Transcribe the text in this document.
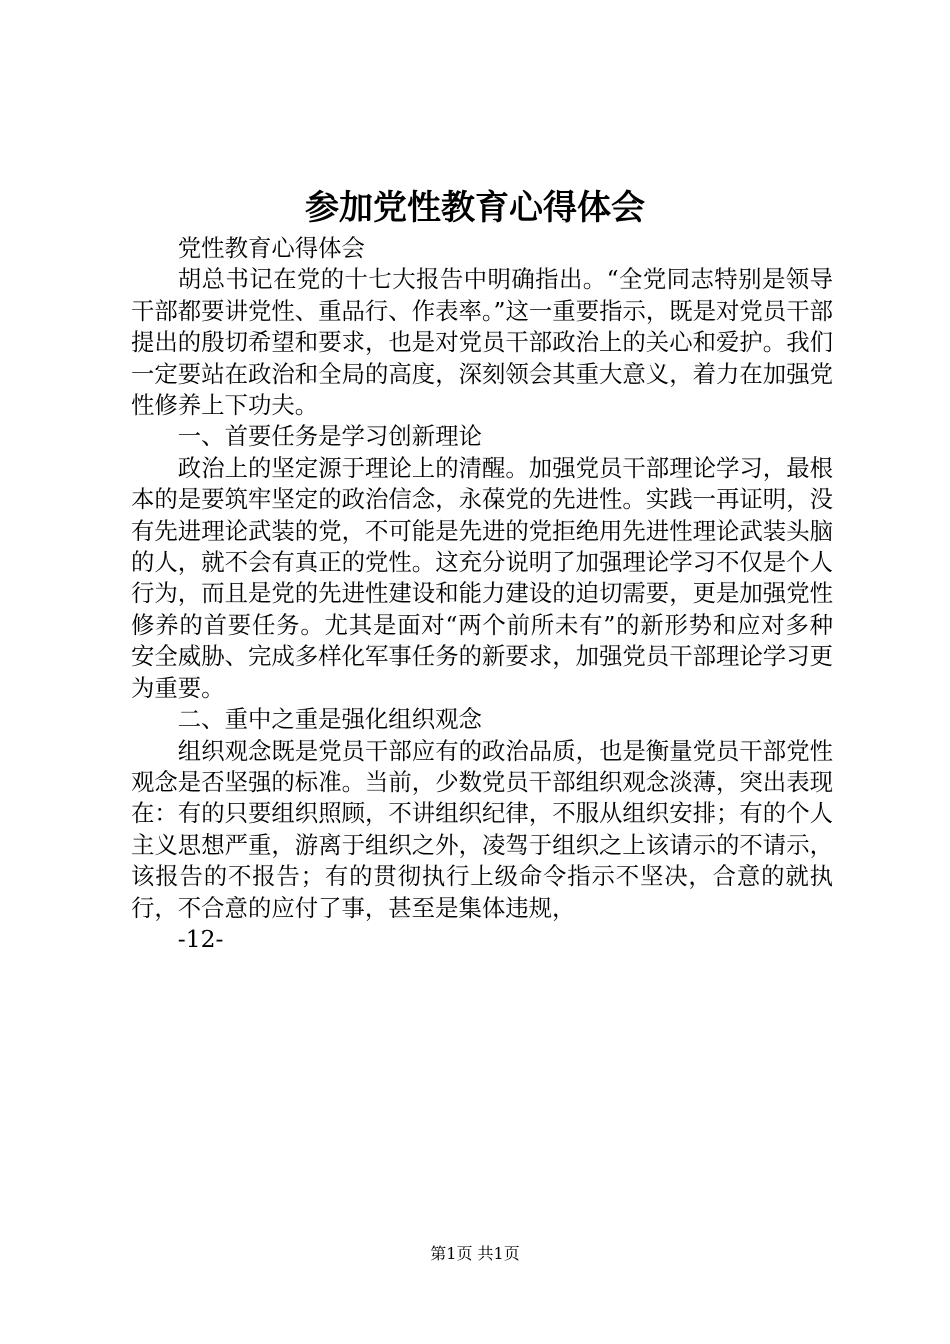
参加党性教育心得体会

党性教育心得体会

胡总书记在党的十七大报告中明确指出。“全党同志特别是领导干部都要讲党性、重品行、作表率。”这一重要指示，既是对党员干部提出的殷切希望和要求，也是对党员干部政治上的关心和爱护。我们一定要站在政治和全局的高度，深刻领会其重大意义，着力在加强党性修养上下功夫。

一、首要任务是学习创新理论

政治上的坚定源于理论上的清醒。加强党员干部理论学习，最根本的是要筑牢坚定的政治信念，永葆党的先进性。实践一再证明，没有先进理论武装的党，不可能是先进的党拒绝用先进性理论武装头脑的人，就不会有真正的党性。这充分说明了加强理论学习不仅是个人行为，而且是党的先进性建设和能力建设的迫切需要，更是加强党性修养的首要任务。尤其是面对“两个前所未有”的新形势和应对多种安全威胁、完成多样化军事任务的新要求，加强党员干部理论学习更为重要。

二、重中之重是强化组织观念

组织观念既是党员干部应有的政治品质，也是衡量党员干部党性观念是否坚强的标准。当前，少数党员干部组织观念淡薄，突出表现在：有的只要组织照顾，不讲组织纪律，不服从组织安排；有的个人主义思想严重，游离于组织之外，凌驾于组织之上该请示的不请示，该报告的不报告；有的贯彻执行上级命令指示不坚决，合意的就执行，不合意的应付了事，甚至是集体违规，

-12-

第1页 共1页
